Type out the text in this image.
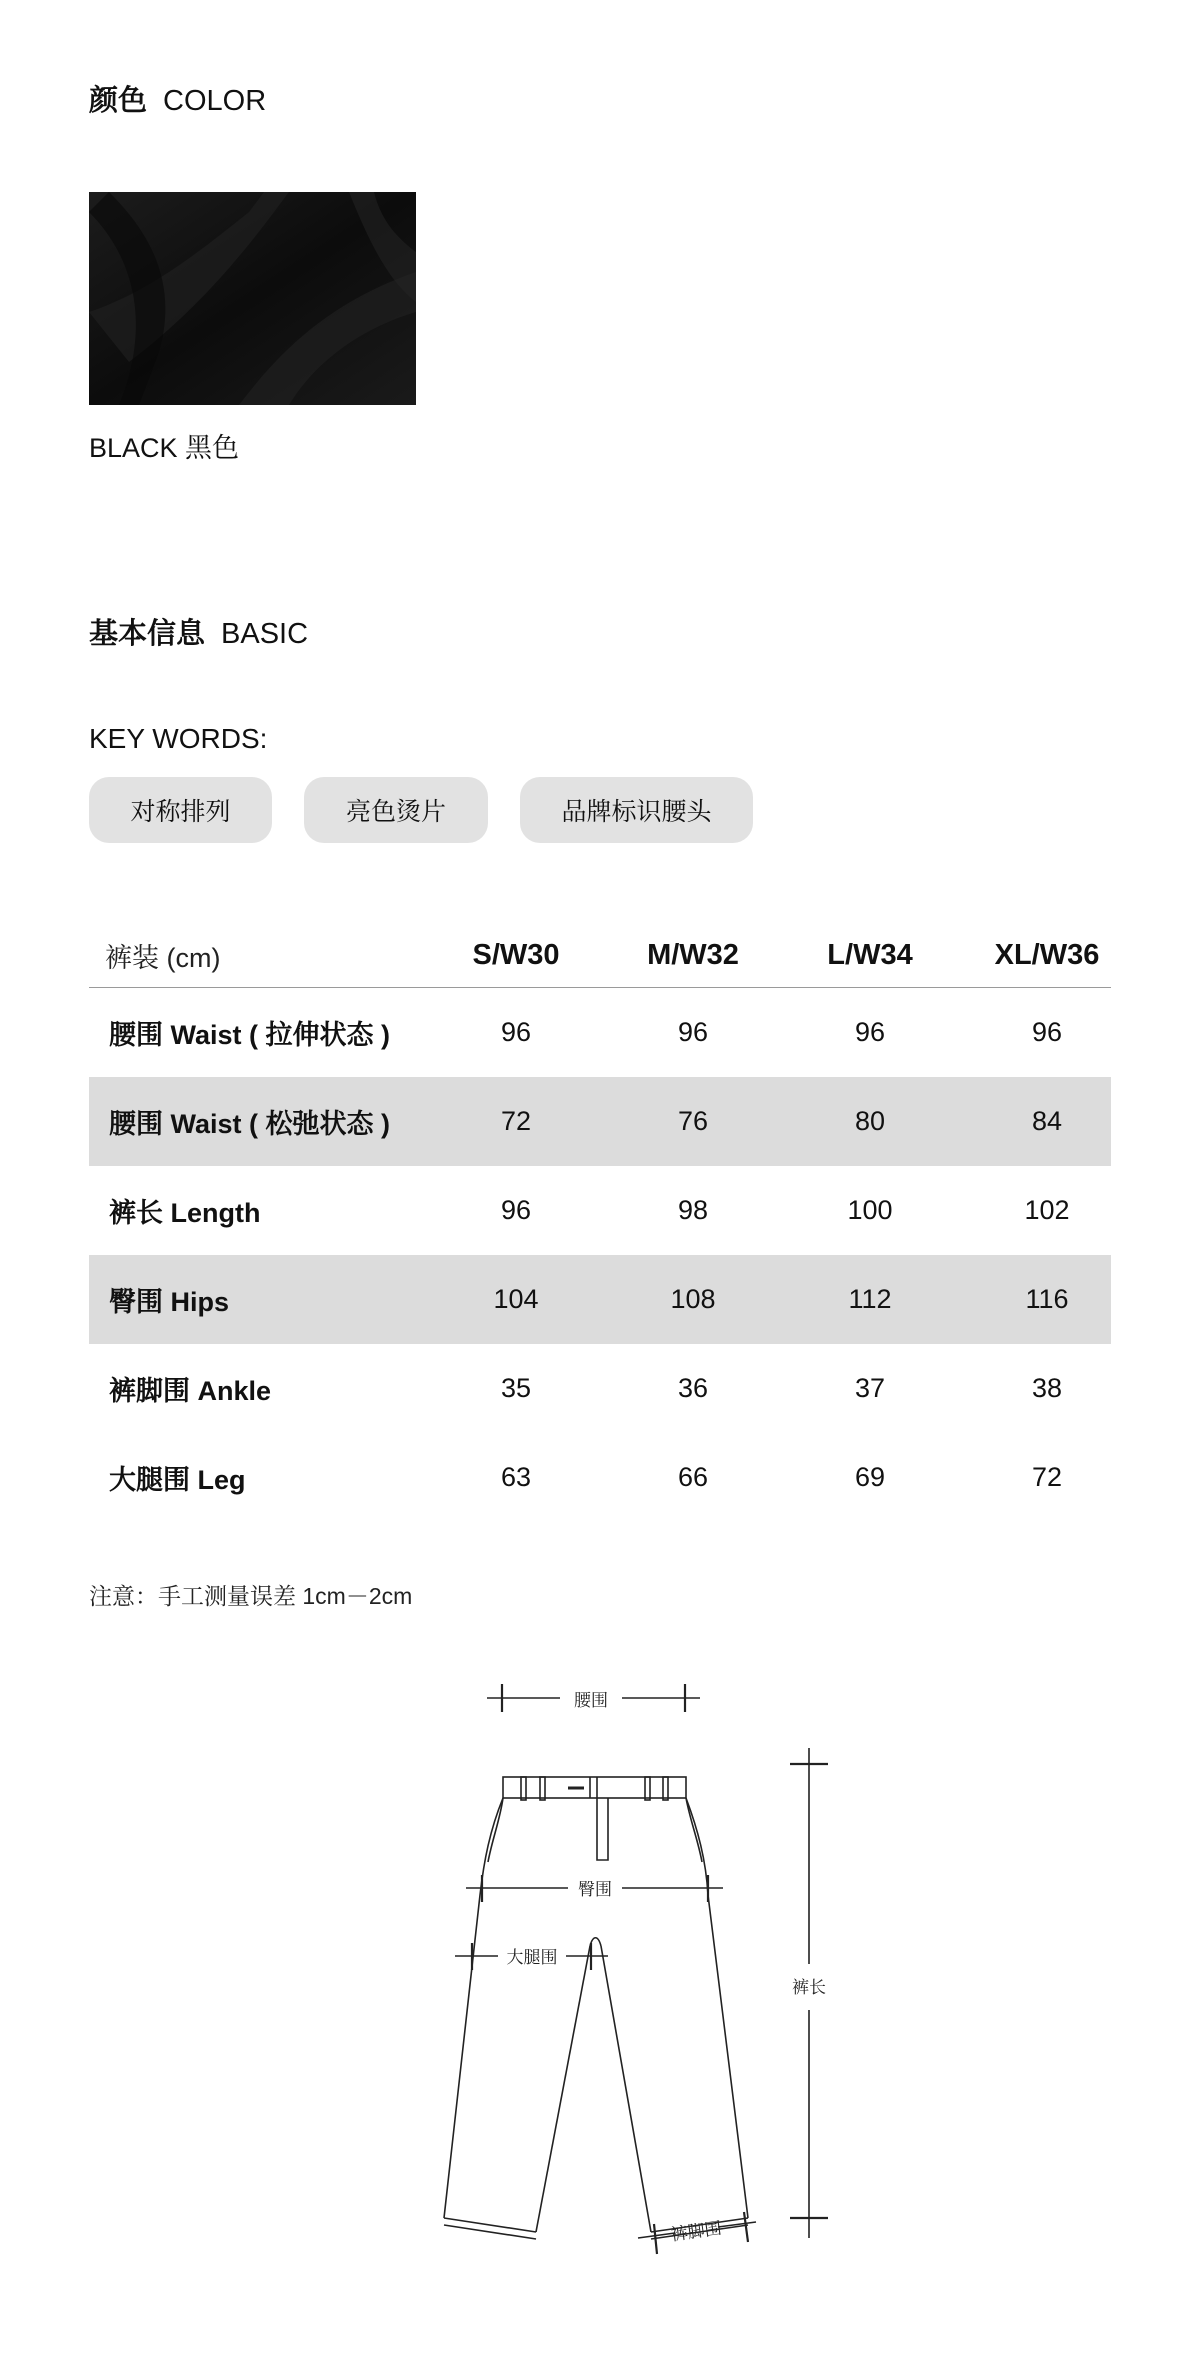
颜色 COLOR
BLACK 黑色
基本信息 BASIC
KEY WORDS:
对称排列	亮色烫片	品牌标识腰头
裤装 (cm)	S/W30	M/W32	L/W34	XL/W36
腰围 Waist ( 拉伸状态 )	96	96	96	96
腰围 Waist ( 松弛状态 )	72	76	80	84
裤长 Length	96	98	100	102
臀围 Hips	104	108	112	116
裤脚围 Ankle	35	36	37	38
大腿围 Leg	63	66	69	72
注意：手工测量误差 1cm－2cm
腰围
臀围
大腿围
裤长
裤脚围
